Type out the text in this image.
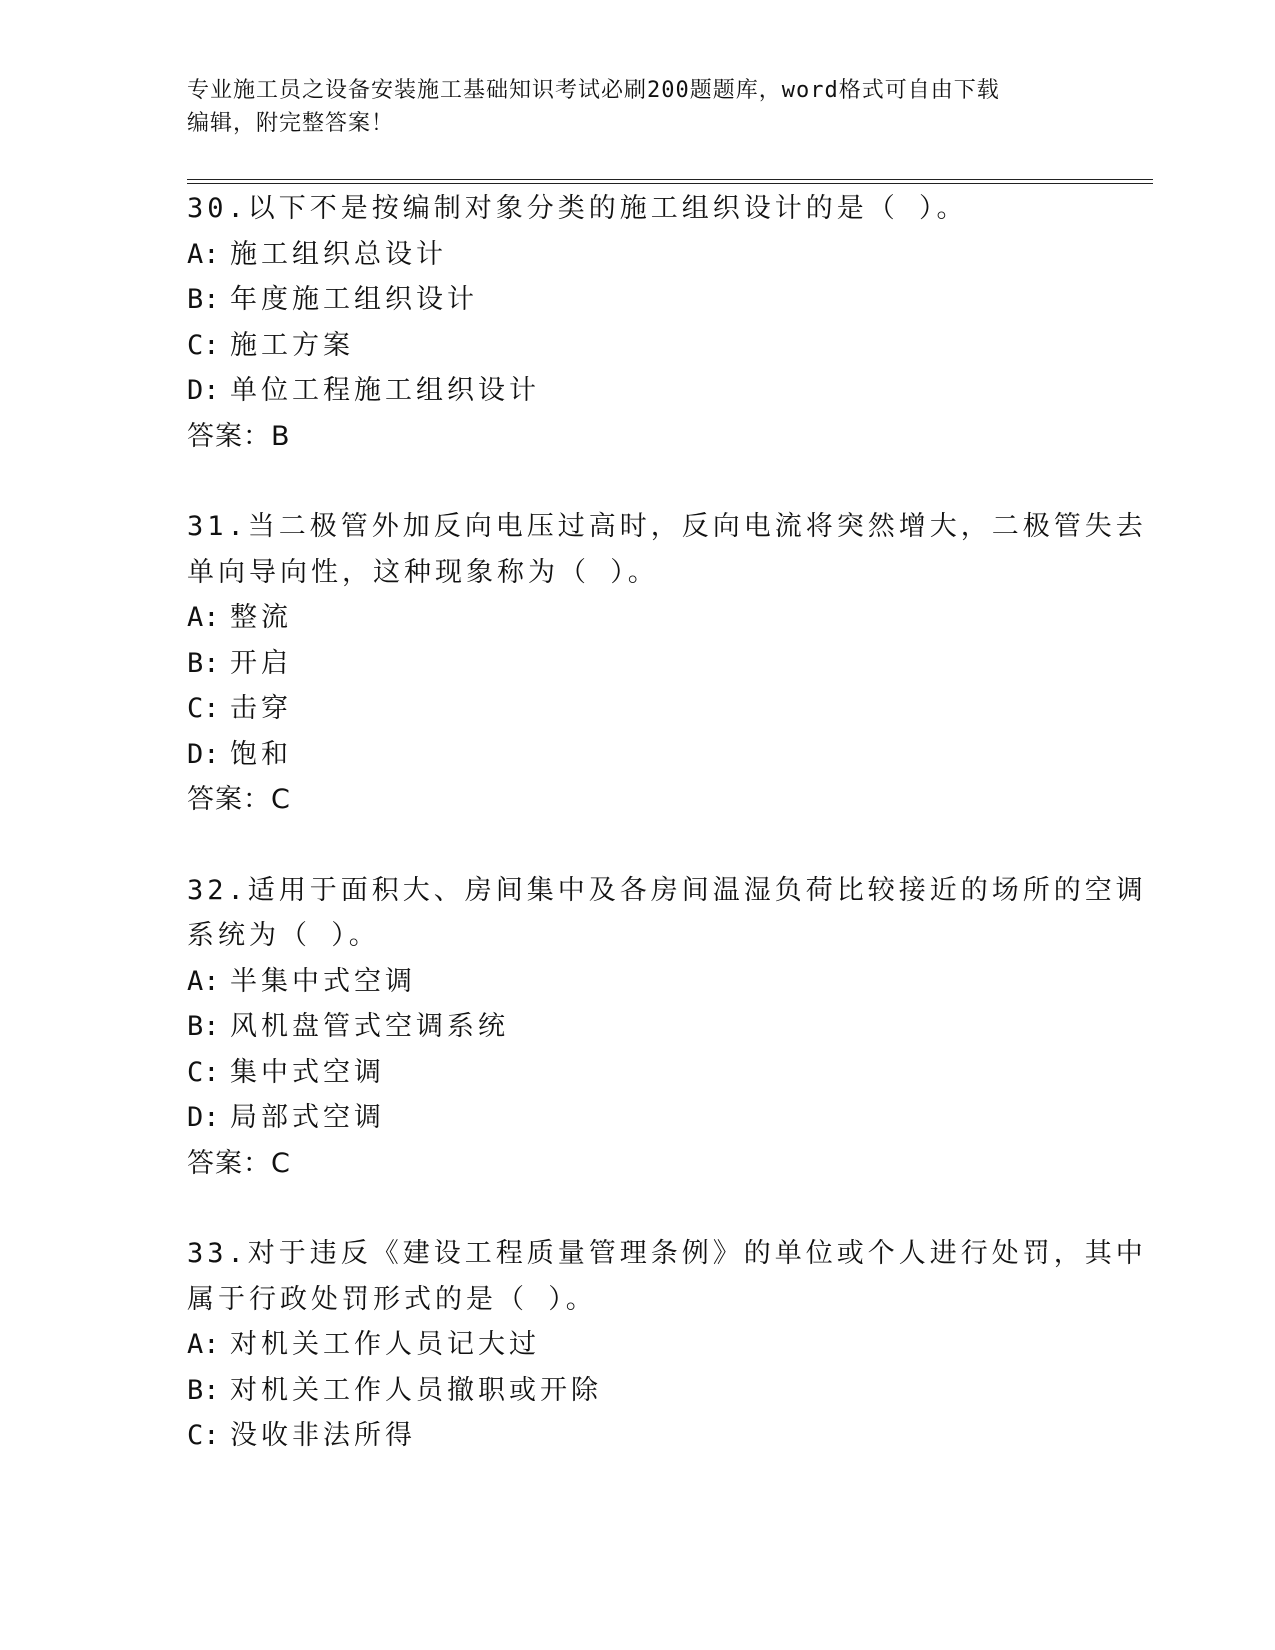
专业施工员之设备安装施工基础知识考试必刷200题题库，word格式可自由下载
编辑，附完整答案！
30.以下不是按编制对象分类的施工组织设计的是（ ）。
A: 施工组织总设计
B: 年度施工组织设计
C: 施工方案
D: 单位工程施工组织设计
答案：B
31.当二极管外加反向电压过高时，反向电流将突然增大，二极管失去
单向导向性，这种现象称为（ ）。
A: 整流
B: 开启
C: 击穿
D: 饱和
答案：C
32.适用于面积大、房间集中及各房间温湿负荷比较接近的场所的空调
系统为（ ）。
A: 半集中式空调
B: 风机盘管式空调系统
C: 集中式空调
D: 局部式空调
答案：C
33.对于违反《建设工程质量管理条例》的单位或个人进行处罚，其中
属于行政处罚形式的是（ ）。
A: 对机关工作人员记大过
B: 对机关工作人员撤职或开除
C: 没收非法所得
